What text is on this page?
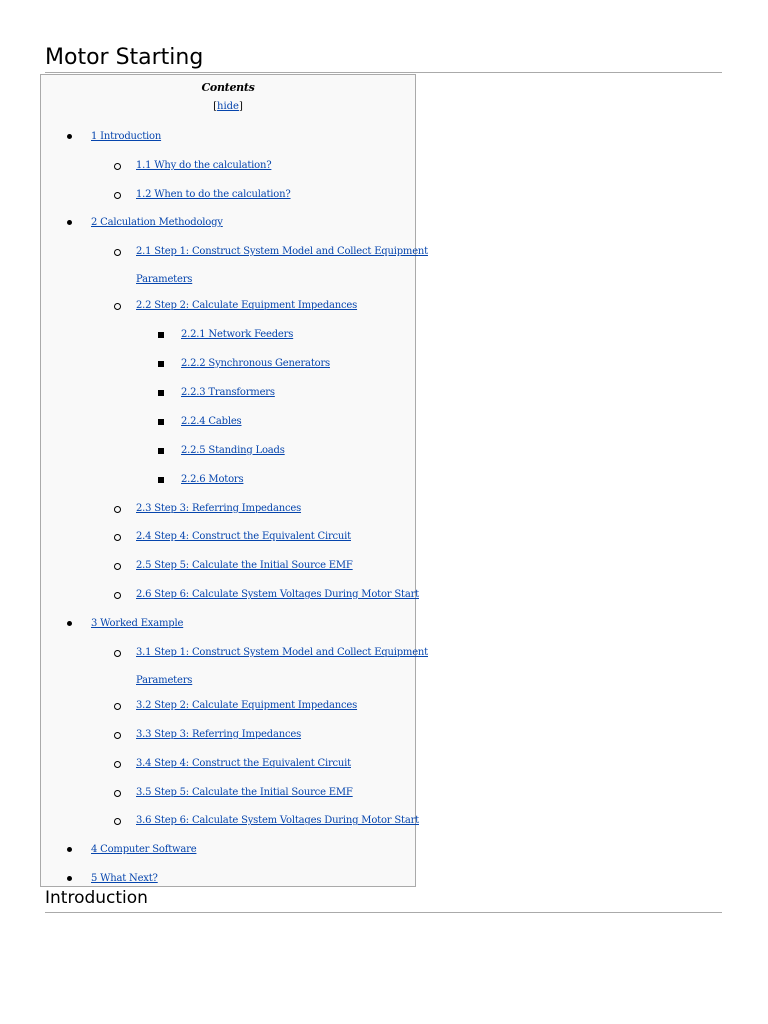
Motor Starting
Contents
[hide]
1 Introduction
1.1 Why do the calculation?
1.2 When to do the calculation?
2 Calculation Methodology
2.1 Step 1: Construct System Model and Collect Equipment
Parameters
2.2 Step 2: Calculate Equipment Impedances
2.2.1 Network Feeders
2.2.2 Synchronous Generators
2.2.3 Transformers
2.2.4 Cables
2.2.5 Standing Loads
2.2.6 Motors
2.3 Step 3: Referring Impedances
2.4 Step 4: Construct the Equivalent Circuit
2.5 Step 5: Calculate the Initial Source EMF
2.6 Step 6: Calculate System Voltages During Motor Start
3 Worked Example
3.1 Step 1: Construct System Model and Collect Equipment
Parameters
3.2 Step 2: Calculate Equipment Impedances
3.3 Step 3: Referring Impedances
3.4 Step 4: Construct the Equivalent Circuit
3.5 Step 5: Calculate the Initial Source EMF
3.6 Step 6: Calculate System Voltages During Motor Start
4 Computer Software
5 What Next?
Introduction
